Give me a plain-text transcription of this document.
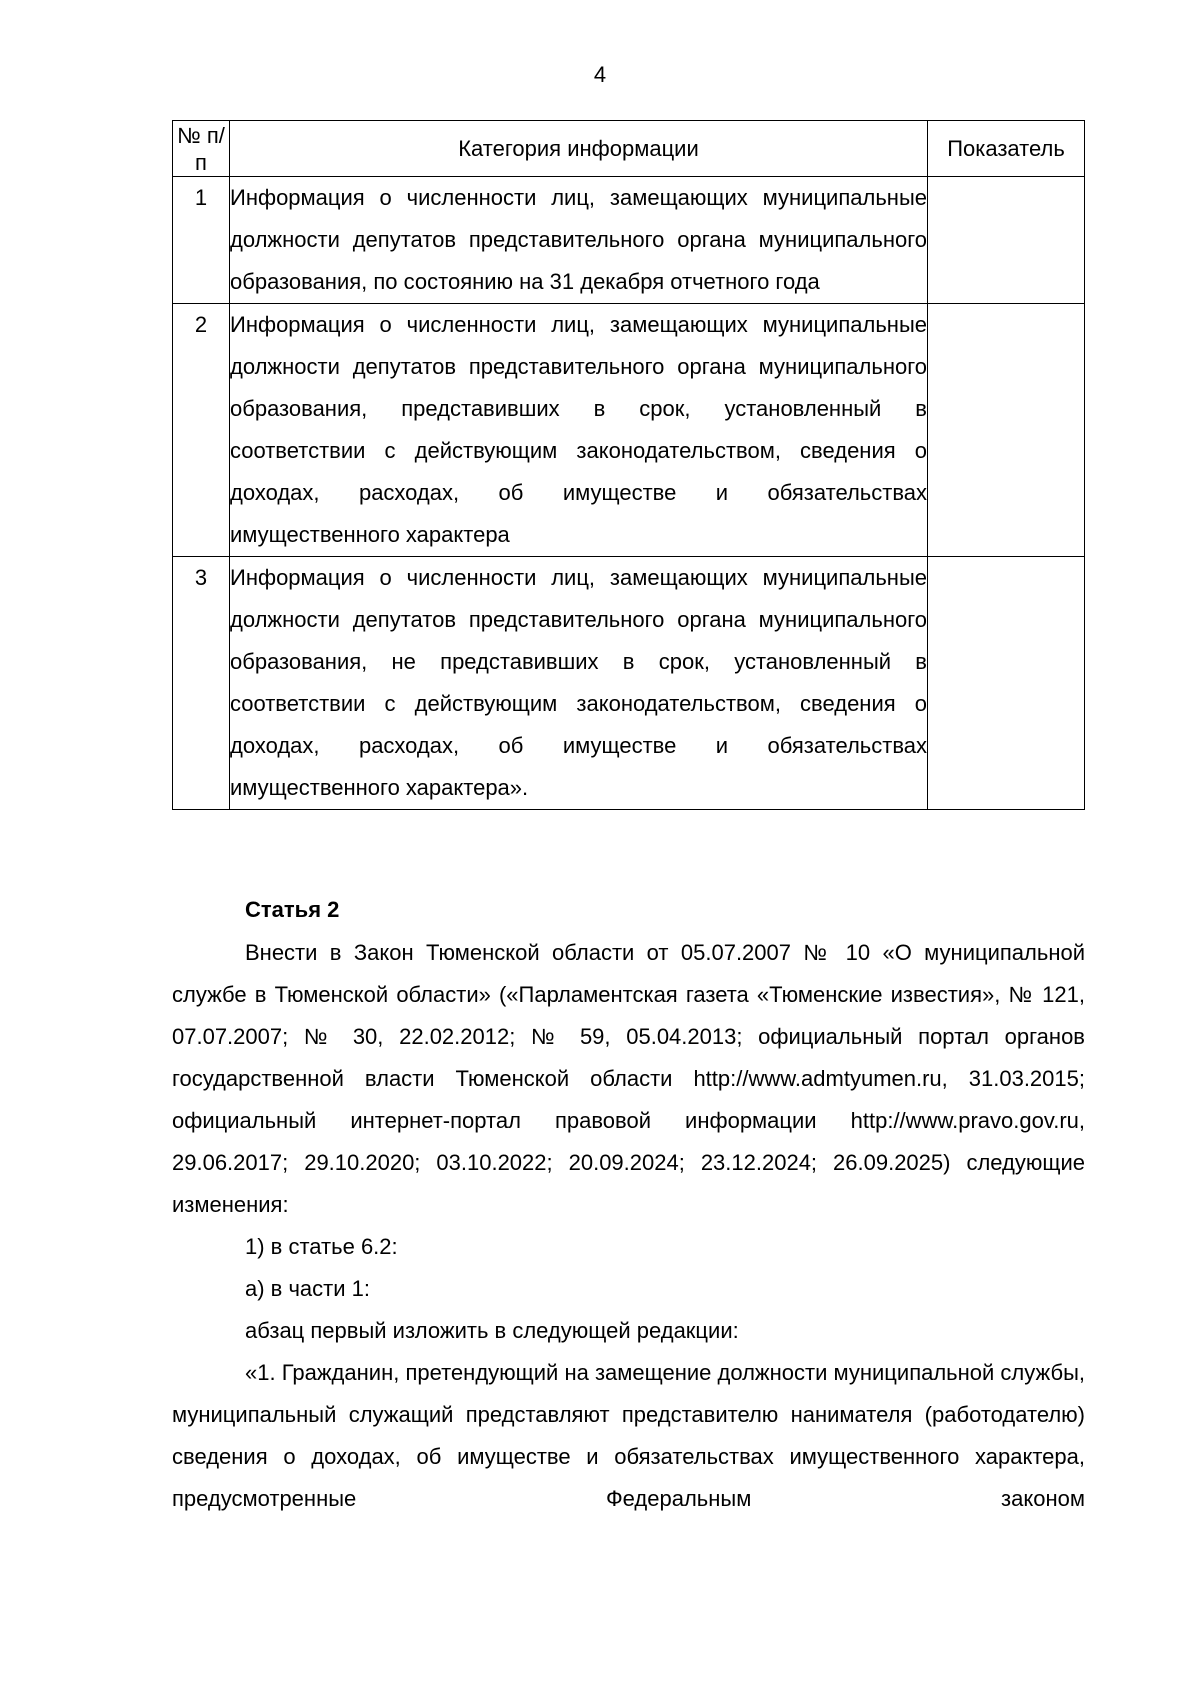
4
№ п/п	Категория информации	Показатель
1	Информация о численности лиц, замещающих муниципальные должности депутатов представительного органа муниципального образования, по состоянию на 31 декабря отчетного года	
2	Информация о численности лиц, замещающих муниципальные должности депутатов представительного органа муниципального образования, представивших в срок, установленный в соответствии с действующим законодательством, сведения о доходах, расходах, об имуществе и обязательствах имущественного характера	
3	Информация о численности лиц, замещающих муниципальные должности депутатов представительного органа муниципального образования, не представивших в срок, установленный в соответствии с действующим законодательством, сведения о доходах, расходах, об имуществе и обязательствах имущественного характера».	
Статья 2

Внести в Закон Тюменской области от 05.07.2007 № 10 «О муниципальной службе в Тюменской области» («Парламентская газета «Тюменские известия», № 121, 07.07.2007; № 30, 22.02.2012; № 59, 05.04.2013; официальный портал органов государственной власти Тюменской области http://www.admtyumen.ru, 31.03.2015; официальный интернет-портал правовой информации http://www.pravo.gov.ru, 29.06.2017; 29.10.2020; 03.10.2022; 20.09.2024; 23.12.2024; 26.09.2025) следующие изменения:

1) в статье 6.2:

а) в части 1:

абзац первый изложить в следующей редакции:

«1. Гражданин, претендующий на замещение должности муниципальной службы, муниципальный служащий представляют представителю нанимателя (работодателю) сведения о доходах, об имуществе и обязательствах имущественного характера, предусмотренные Федеральным законом
